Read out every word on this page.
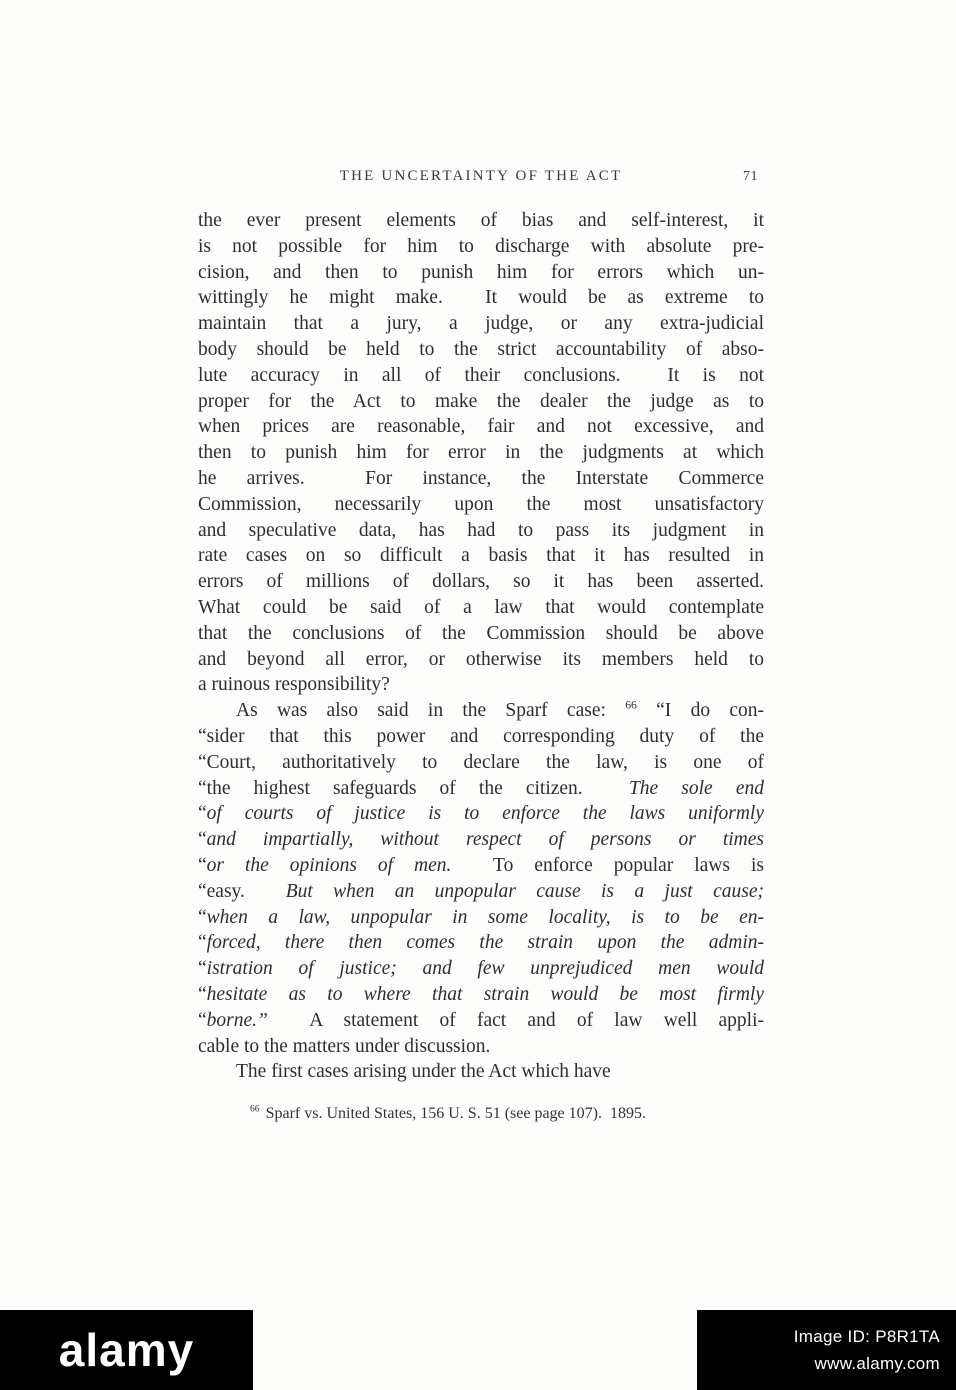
THE UNCERTAINTY OF THE ACT	71
the ever present elements of bias and self-interest, it
is not possible for him to discharge with absolute pre-
cision, and then to punish him for errors which un-
wittingly he might make.  It would be as extreme to
maintain that a jury, a judge, or any extra-judicial
body should be held to the strict accountability of abso-
lute accuracy in all of their conclusions.  It is not
proper for the Act to make the dealer the judge as to
when prices are reasonable, fair and not excessive, and
then to punish him for error in the judgments at which
he arrives.  For instance, the Interstate Commerce
Commission, necessarily upon the most unsatisfactory
and speculative data, has had to pass its judgment in
rate cases on so difficult a basis that it has resulted in
errors of millions of dollars, so it has been asserted.
What could be said of a law that would contemplate
that the conclusions of the Commission should be above
and beyond all error, or otherwise its members held to
a ruinous responsibility?
As was also said in the Sparf case: $^{66}$ “I do con-
“sider that this power and corresponding duty of the
“Court, authoritatively to declare the law, is one of
“the highest safeguards of the citizen.  The sole end
“of courts of justice is to enforce the laws uniformly
“and impartially, without respect of persons or times
“or the opinions of men.  To enforce popular laws is
“easy.  But when an unpopular cause is a just cause;
“when a law, unpopular in some locality, is to be en-
“forced, there then comes the strain upon the admin-
“istration of justice; and few unprejudiced men would
“hesitate as to where that strain would be most firmly
“borne.”  A statement of fact and of law well appli-
cable to the matters under discussion.
The first cases arising under the Act which have
$^{66}$ Sparf vs. United States, 156 U. S. 51 (see page 107).  1895.
alamy	Image ID: P8R1TA
www.alamy.com
